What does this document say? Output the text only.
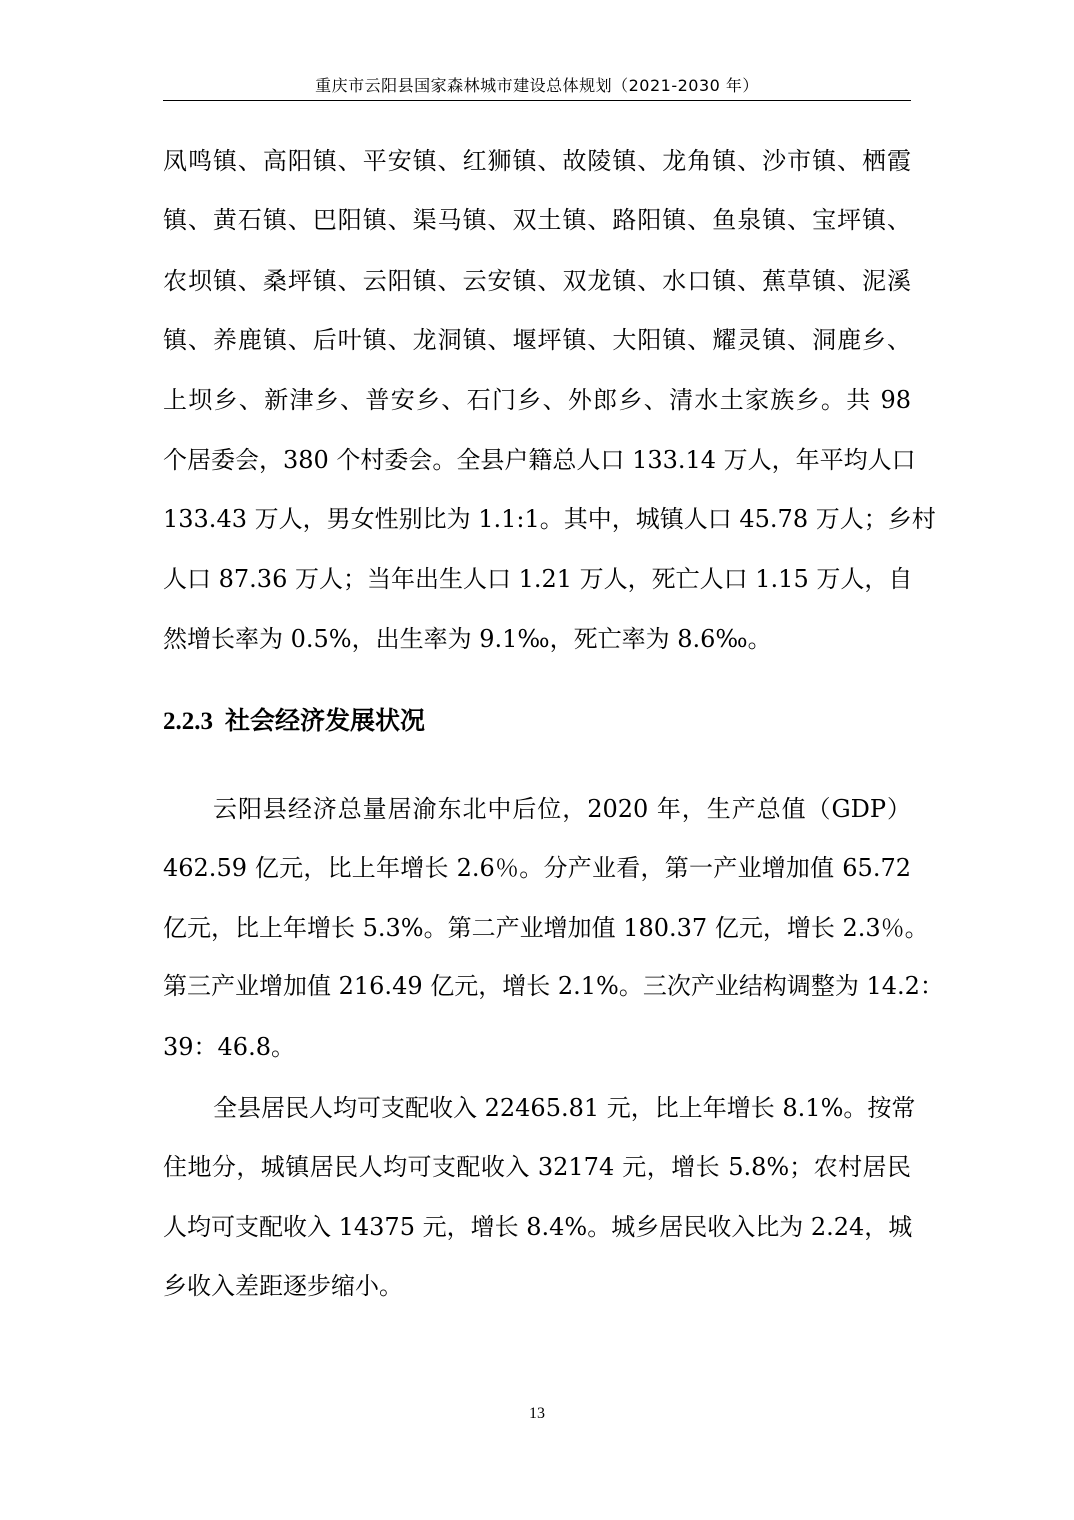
重庆市云阳县国家森林城市建设总体规划（2021-2030 年）
凤鸣镇、高阳镇、平安镇、红狮镇、故陵镇、龙角镇、沙市镇、栖霞
镇、黄石镇、巴阳镇、渠马镇、双土镇、路阳镇、鱼泉镇、宝坪镇、
农坝镇、桑坪镇、云阳镇、云安镇、双龙镇、水口镇、蕉草镇、泥溪
镇、养鹿镇、后叶镇、龙洞镇、堰坪镇、大阳镇、耀灵镇、洞鹿乡、
上坝乡、新津乡、普安乡、石门乡、外郎乡、清水土家族乡。共 98
个居委会，380 个村委会。全县户籍总人口 133.14 万人，年平均人口
133.43 万人，男女性别比为 1.1:1。其中，城镇人口 45.78 万人；乡村
人口 87.36 万人；当年出生人口 1.21 万人，死亡人口 1.15 万人，自
然增长率为 0.5%，出生率为 9.1‰，死亡率为 8.6‰。
2.2.3 社会经济发展状况
云阳县经济总量居渝东北中后位，2020 年，生产总值（GDP）
462.59 亿元，比上年增长 2.6％。分产业看，第一产业增加值 65.72
亿元，比上年增长 5.3%。第二产业增加值 180.37 亿元，增长 2.3％。
第三产业增加值 216.49 亿元，增长 2.1%。三次产业结构调整为 14.2：
39：46.8。
全县居民人均可支配收入 22465.81 元，比上年增长 8.1%。按常
住地分，城镇居民人均可支配收入 32174 元，增长 5.8%；农村居民
人均可支配收入 14375 元，增长 8.4%。城乡居民收入比为 2.24，城
乡收入差距逐步缩小。
13
